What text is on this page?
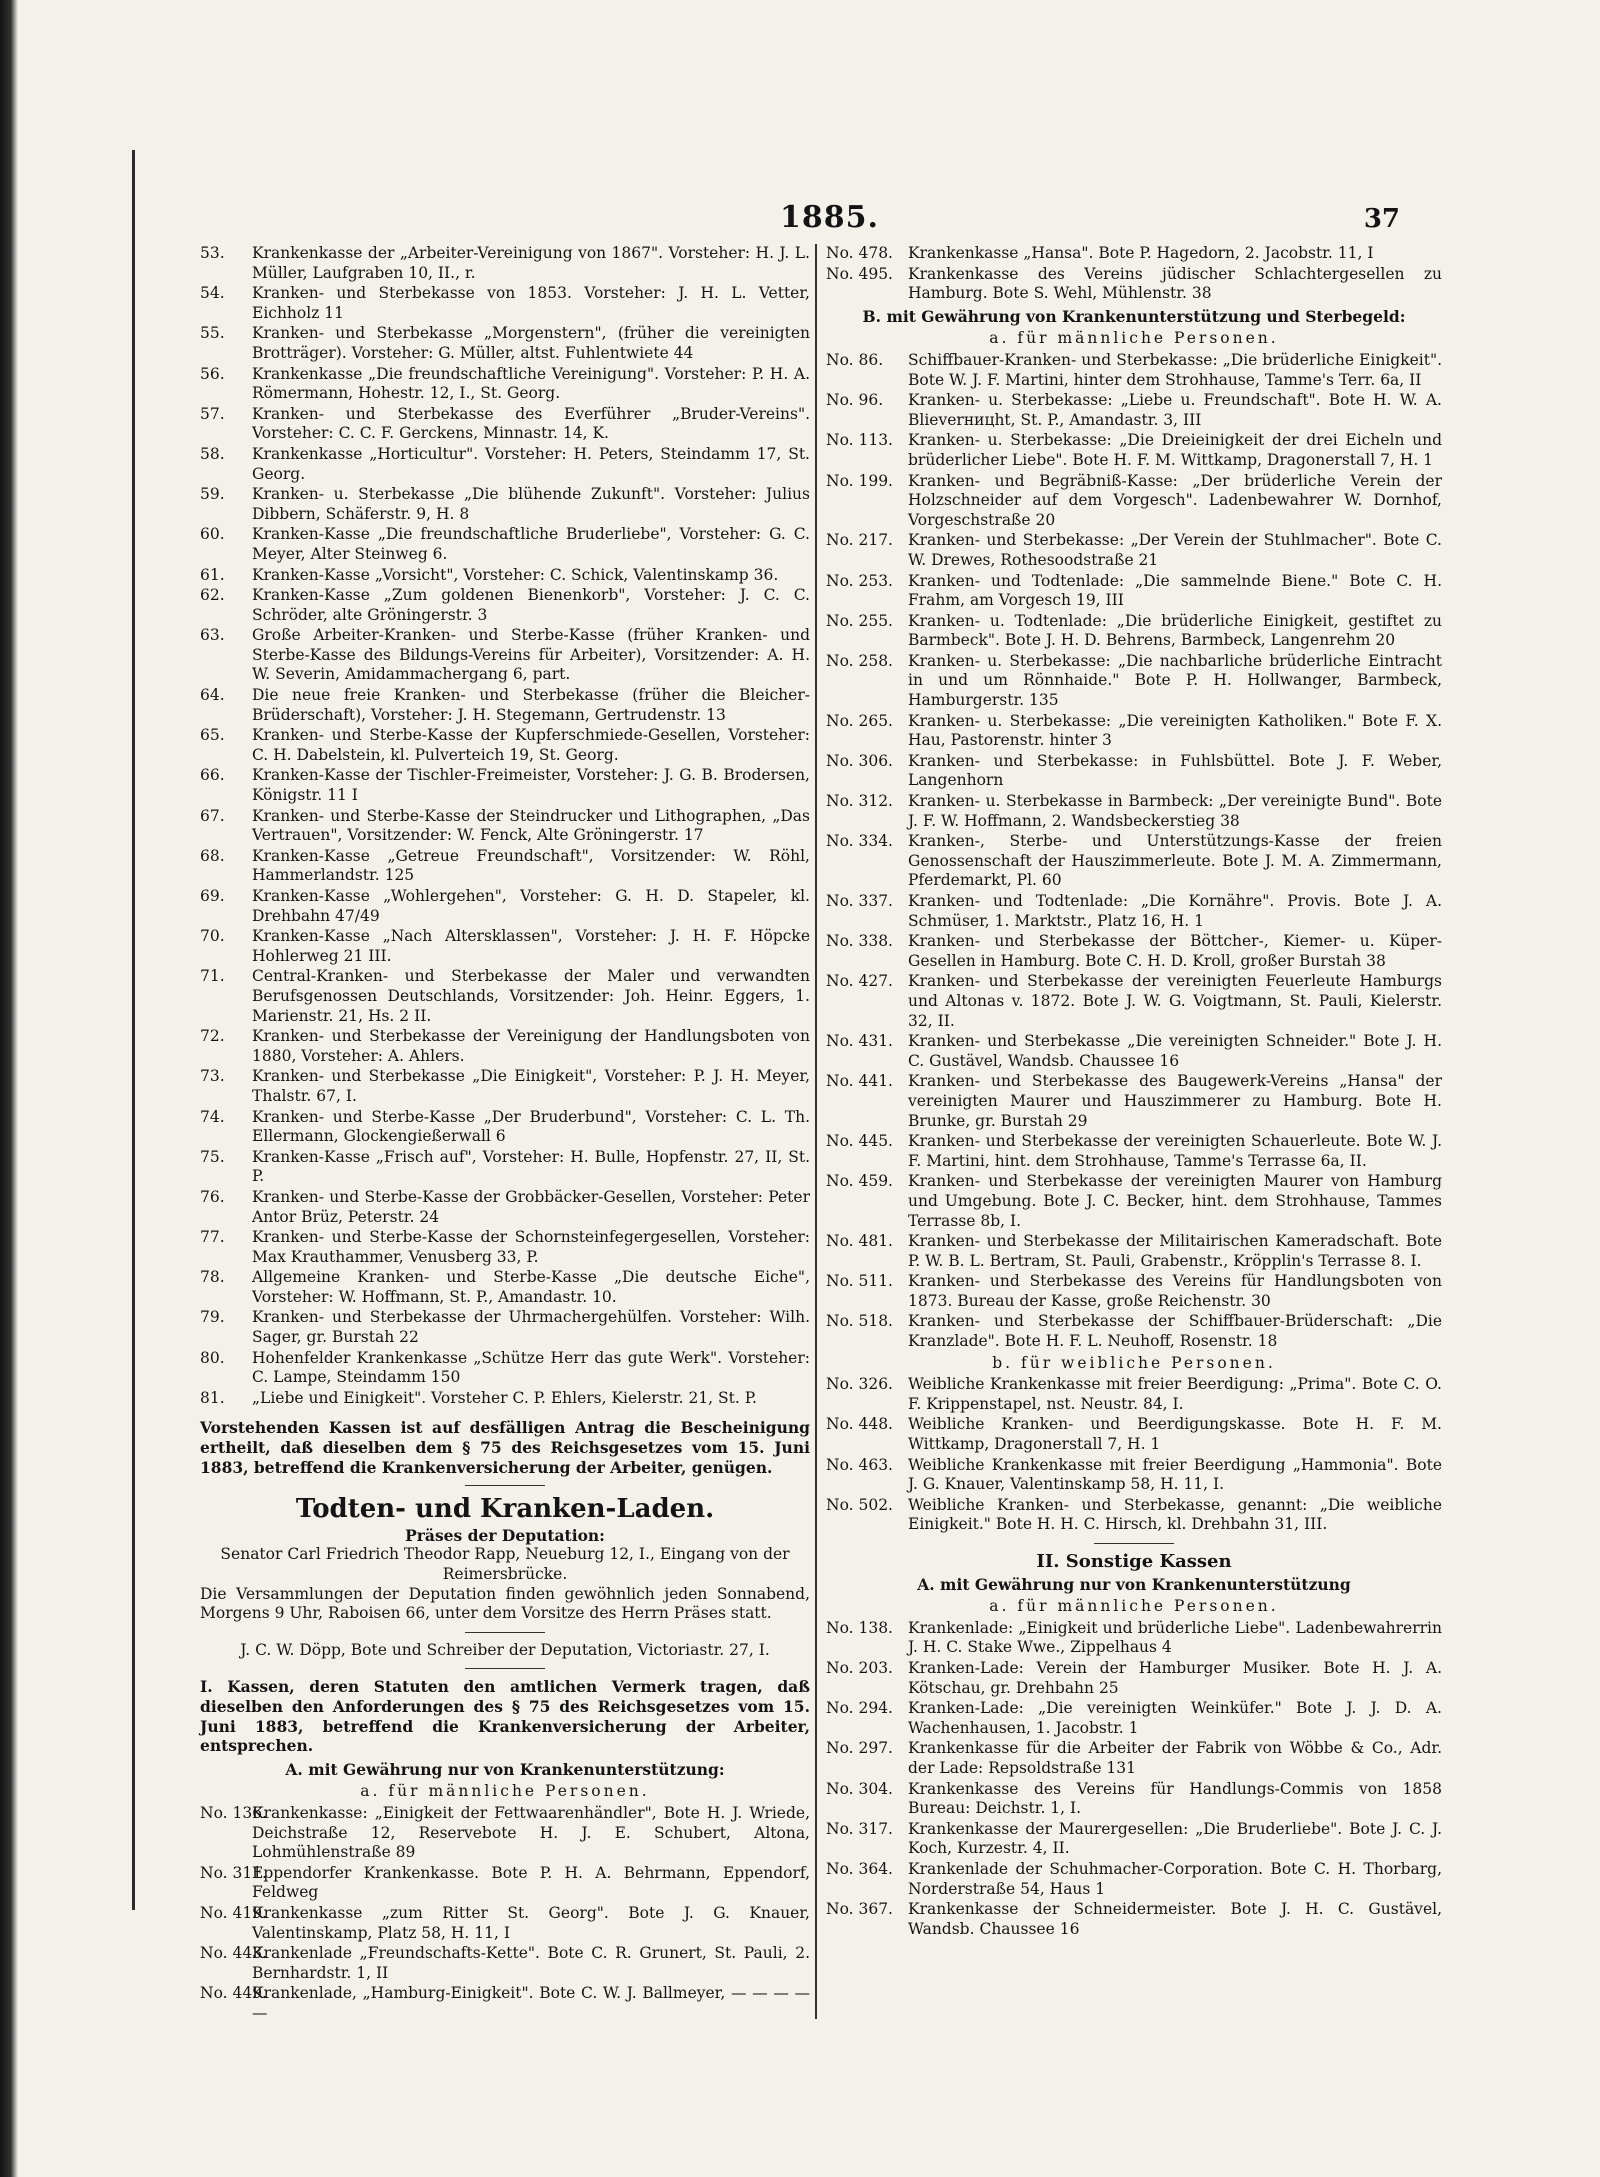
1885.	37
53.	Krankenkasse der „Arbeiter-Vereinigung von 1867". Vorsteher: H. J. L. Müller, Laufgraben 10, II., r.
54.	Kranken- und Sterbekasse von 1853. Vorsteher: J. H. L. Vetter, Eichholz 11
55.	Kranken- und Sterbekasse „Morgenstern", (früher die vereinigten Brotträger). Vorsteher: G. Müller, altst. Fuhlentwiete 44
56.	Krankenkasse „Die freundschaftliche Vereinigung". Vorsteher: P. H. A. Römermann, Hohestr. 12, I., St. Georg.
57.	Kranken- und Sterbekasse des Everführer „Bruder-Vereins". Vorsteher: C. C. F. Gerckens, Minnastr. 14, K.
58.	Krankenkasse „Horticultur". Vorsteher: H. Peters, Steindamm 17, St. Georg.
59.	Kranken- u. Sterbekasse „Die blühende Zukunft". Vorsteher: Julius Dibbern, Schäferstr. 9, H. 8
60.	Kranken-Kasse „Die freundschaftliche Bruderliebe", Vorsteher: G. C. Meyer, Alter Steinweg 6.
61.	Kranken-Kasse „Vorsicht", Vorsteher: C. Schick, Valentinskamp 36.
62.	Kranken-Kasse „Zum goldenen Bienenkorb", Vorsteher: J. C. C. Schröder, alte Gröningerstr. 3
63.	Große Arbeiter-Kranken- und Sterbe-Kasse (früher Kranken- und Sterbe-Kasse des Bildungs-Vereins für Arbeiter), Vorsitzender: A. H. W. Severin, Amidammachergang 6, part.
64.	Die neue freie Kranken- und Sterbekasse (früher die Bleicher-Brüderschaft), Vorsteher: J. H. Stegemann, Gertrudenstr. 13
65.	Kranken- und Sterbe-Kasse der Kupferschmiede-Gesellen, Vorsteher: C. H. Dabelstein, kl. Pulverteich 19, St. Georg.
66.	Kranken-Kasse der Tischler-Freimeister, Vorsteher: J. G. B. Brodersen, Königstr. 11 I
67.	Kranken- und Sterbe-Kasse der Steindrucker und Lithographen, „Das Vertrauen", Vorsitzender: W. Fenck, Alte Gröningerstr. 17
68.	Kranken-Kasse „Getreue Freundschaft", Vorsitzender: W. Röhl, Hammerlandstr. 125
69.	Kranken-Kasse „Wohlergehen", Vorsteher: G. H. D. Stapeler, kl. Drehbahn 47/49
70.	Kranken-Kasse „Nach Altersklassen", Vorsteher: J. H. F. Höpcke Hohlerweg 21 III.
71.	Central-Kranken- und Sterbekasse der Maler und verwandten Berufsgenossen Deutschlands, Vorsitzender: Joh. Heinr. Eggers, 1. Marienstr. 21, Hs. 2 II.
72.	Kranken- und Sterbekasse der Vereinigung der Handlungsboten von 1880, Vorsteher: A. Ahlers.
73.	Kranken- und Sterbekasse „Die Einigkeit", Vorsteher: P. J. H. Meyer, Thalstr. 67, I.
74.	Kranken- und Sterbe-Kasse „Der Bruderbund", Vorsteher: C. L. Th. Ellermann, Glockengießerwall 6
75.	Kranken-Kasse „Frisch auf", Vorsteher: H. Bulle, Hopfenstr. 27, II, St. P.
76.	Kranken- und Sterbe-Kasse der Grobbäcker-Gesellen, Vorsteher: Peter Antor Brüz, Peterstr. 24
77.	Kranken- und Sterbe-Kasse der Schornsteinfegergesellen, Vorsteher: Max Krauthammer, Venusberg 33, P.
78.	Allgemeine Kranken- und Sterbe-Kasse „Die deutsche Eiche", Vorsteher: W. Hoffmann, St. P., Amandastr. 10.
79.	Kranken- und Sterbekasse der Uhrmachergehülfen. Vorsteher: Wilh. Sager, gr. Burstah 22
80.	Hohenfelder Krankenkasse „Schütze Herr das gute Werk". Vorsteher: C. Lampe, Steindamm 150
81.	„Liebe und Einigkeit". Vorsteher C. P. Ehlers, Kielerstr. 21, St. P.
Vorstehenden Kassen ist auf desfälligen Antrag die Bescheinigung ertheilt, daß dieselben dem § 75 des Reichsgesetzes vom 15. Juni 1883, betreffend die Krankenversicherung der Arbeiter, genügen.
Todten- und Kranken-Laden.
Präses der Deputation:
Senator Carl Friedrich Theodor Rapp, Neueburg 12, I., Eingang von der Reimersbrücke.
Die Versammlungen der Deputation finden gewöhnlich jeden Sonnabend, Morgens 9 Uhr, Raboisen 66, unter dem Vorsitze des Herrn Präses statt.
J. C. W. Döpp, Bote und Schreiber der Deputation, Victoriastr. 27, I.
I. Kassen, deren Statuten den amtlichen Vermerk tragen, daß dieselben den Anforderungen des § 75 des Reichsgesetzes vom 15. Juni 1883, betreffend die Krankenversicherung der Arbeiter, entsprechen.
A. mit Gewährung nur von Krankenunterstützung:
a. für männliche Personen.
No. 136.
Krankenkasse: „Einigkeit der Fettwaarenhändler", Bote H. J. Wriede, Deichstraße 12, Reservebote H. J. E. Schubert, Altona, Lohmühlenstraße 89
No. 311.
Eppendorfer Krankenkasse. Bote P. H. A. Behrmann, Eppendorf, Feldweg
No. 419.
Krankenkasse „zum Ritter St. Georg". Bote J. G. Knauer, Valentinskamp, Platz 58, H. 11, I
No. 443.
Krankenlade „Freundschafts-Kette". Bote C. R. Grunert, St. Pauli, 2. Bernhardstr. 1, II
No. 449.
Krankenlade, „Hamburg-Einigkeit". Bote C. W. J. Ballmeyer, — — — — —
No. 478. Krankenkasse „Hansa". Bote P. Hagedorn, 2. Jacobstr. 11, I
No. 495. Krankenkasse des Vereins jüdischer Schlachtergesellen zu Hamburg. Bote S. Wehl, Mühlenstr. 38
B. mit Gewährung von Krankenunterstützung und Sterbegeld:
a. für männliche Personen.
No. 86.	Schiffbauer-Kranken- und Sterbekasse: „Die brüderliche Einigkeit". Bote W. J. F. Martini, hinter dem Strohhause, Tamme's Terr. 6a, II
No. 96.	Kranken- u. Sterbekasse: „Liebe u. Freundschaft". Bote H. W. A. Blieverницht, St. P., Amandastr. 3, III
No. 113. Kranken- u. Sterbekasse: „Die Dreieinigkeit der drei Eicheln und brüderlicher Liebe". Bote H. F. M. Wittkamp, Dragonerstall 7, H. 1
No. 199. Kranken- und Begräbniß-Kasse: „Der brüderliche Verein der Holzschneider auf dem Vorgesch". Ladenbewahrer W. Dornhof, Vorgeschstraße 20
No. 217. Kranken- und Sterbekasse: „Der Verein der Stuhlmacher". Bote C. W. Drewes, Rothesoodstraße 21
No. 253. Kranken- und Todtenlade: „Die sammelnde Biene." Bote C. H. Frahm, am Vorgesch 19, III
No. 255. Kranken- u. Todtenlade: „Die brüderliche Einigkeit, gestiftet zu Barmbeck". Bote J. H. D. Behrens, Barmbeck, Langenrehm 20
No. 258. Kranken- u. Sterbekasse: „Die nachbarliche brüderliche Eintracht in und um Rönnhaide." Bote P. H. Hollwanger, Barmbeck, Hamburgerstr. 135
No. 265. Kranken- u. Sterbekasse: „Die vereinigten Katholiken." Bote F. X. Hau, Pastorenstr. hinter 3
No. 306. Kranken- und Sterbekasse: in Fuhlsbüttel. Bote J. F. Weber, Langenhorn
No. 312. Kranken- u. Sterbekasse in Barmbeck: „Der vereinigte Bund". Bote J. F. W. Hoffmann, 2. Wandsbeckerstieg 38
No. 334. Kranken-, Sterbe- und Unterstützungs-Kasse der freien Genossenschaft der Hauszimmerleute. Bote J. M. A. Zimmermann, Pferdemarkt, Pl. 60
No. 337. Kranken- und Todtenlade: „Die Kornähre". Provis. Bote J. A. Schmüser, 1. Marktstr., Platz 16, H. 1
No. 338. Kranken- und Sterbekasse der Böttcher-, Kiemer- u. Küper-Gesellen in Hamburg. Bote C. H. D. Kroll, großer Burstah 38
No. 427. Kranken- und Sterbekasse der vereinigten Feuerleute Hamburgs und Altonas v. 1872. Bote J. W. G. Voigtmann, St. Pauli, Kielerstr. 32, II.
No. 431. Kranken- und Sterbekasse „Die vereinigten Schneider." Bote J. H. C. Gustävel, Wandsb. Chaussee 16
No. 441. Kranken- und Sterbekasse des Baugewerk-Vereins „Hansa" der vereinigten Maurer und Hauszimmerer zu Hamburg. Bote H. Brunke, gr. Burstah 29
No. 445. Kranken- und Sterbekasse der vereinigten Schauerleute. Bote W. J. F. Martini, hint. dem Strohhause, Tamme's Terrasse 6a, II.
No. 459. Kranken- und Sterbekasse der vereinigten Maurer von Hamburg und Umgebung. Bote J. C. Becker, hint. dem Strohhause, Tammes Terrasse 8b, I.
No. 481. Kranken- und Sterbekasse der Militairischen Kameradschaft. Bote P. W. B. L. Bertram, St. Pauli, Grabenstr., Kröpplin's Terrasse 8. I.
No. 511. Kranken- und Sterbekasse des Vereins für Handlungsboten von 1873. Bureau der Kasse, große Reichenstr. 30
No. 518. Kranken- und Sterbekasse der Schiffbauer-Brüderschaft: „Die Kranzlade". Bote H. F. L. Neuhoff, Rosenstr. 18
b. für weibliche Personen.
No. 326. Weibliche Krankenkasse mit freier Beerdigung: „Prima". Bote C. O. F. Krippenstapel, nst. Neustr. 84, I.
No. 448. Weibliche Kranken- und Beerdigungskasse. Bote H. F. M. Wittkamp, Dragonerstall 7, H. 1
No. 463. Weibliche Krankenkasse mit freier Beerdigung „Hammonia". Bote J. G. Knauer, Valentinskamp 58, H. 11, I.
No. 502. Weibliche Kranken- und Sterbekasse, genannt: „Die weibliche Einigkeit." Bote H. H. C. Hirsch, kl. Drehbahn 31, III.
II. Sonstige Kassen
A. mit Gewährung nur von Krankenunterstützung
a. für männliche Personen.
No. 138. Krankenlade: „Einigkeit und brüderliche Liebe". Ladenbewahrerrin J. H. C. Stake Wwe., Zippelhaus 4
No. 203. Kranken-Lade: Verein der Hamburger Musiker. Bote H. J. A. Kötschau, gr. Drehbahn 25
No. 294. Kranken-Lade: „Die vereinigten Weinküfer." Bote J. J. D. A. Wachenhausen, 1. Jacobstr. 1
No. 297. Krankenkasse für die Arbeiter der Fabrik von Wöbbe & Co., Adr. der Lade: Repsoldstraße 131
No. 304. Krankenkasse des Vereins für Handlungs-Commis von 1858 Bureau: Deichstr. 1, I.
No. 317. Krankenkasse der Maurergesellen: „Die Bruderliebe". Bote J. C. J. Koch, Kurzestr. 4, II.
No. 364. Krankenlade der Schuhmacher-Corporation. Bote C. H. Thorbarg, Norderstraße 54, Haus 1
No. 367. Krankenkasse der Schneidermeister. Bote J. H. C. Gustävel, Wandsb. Chaussee 16
